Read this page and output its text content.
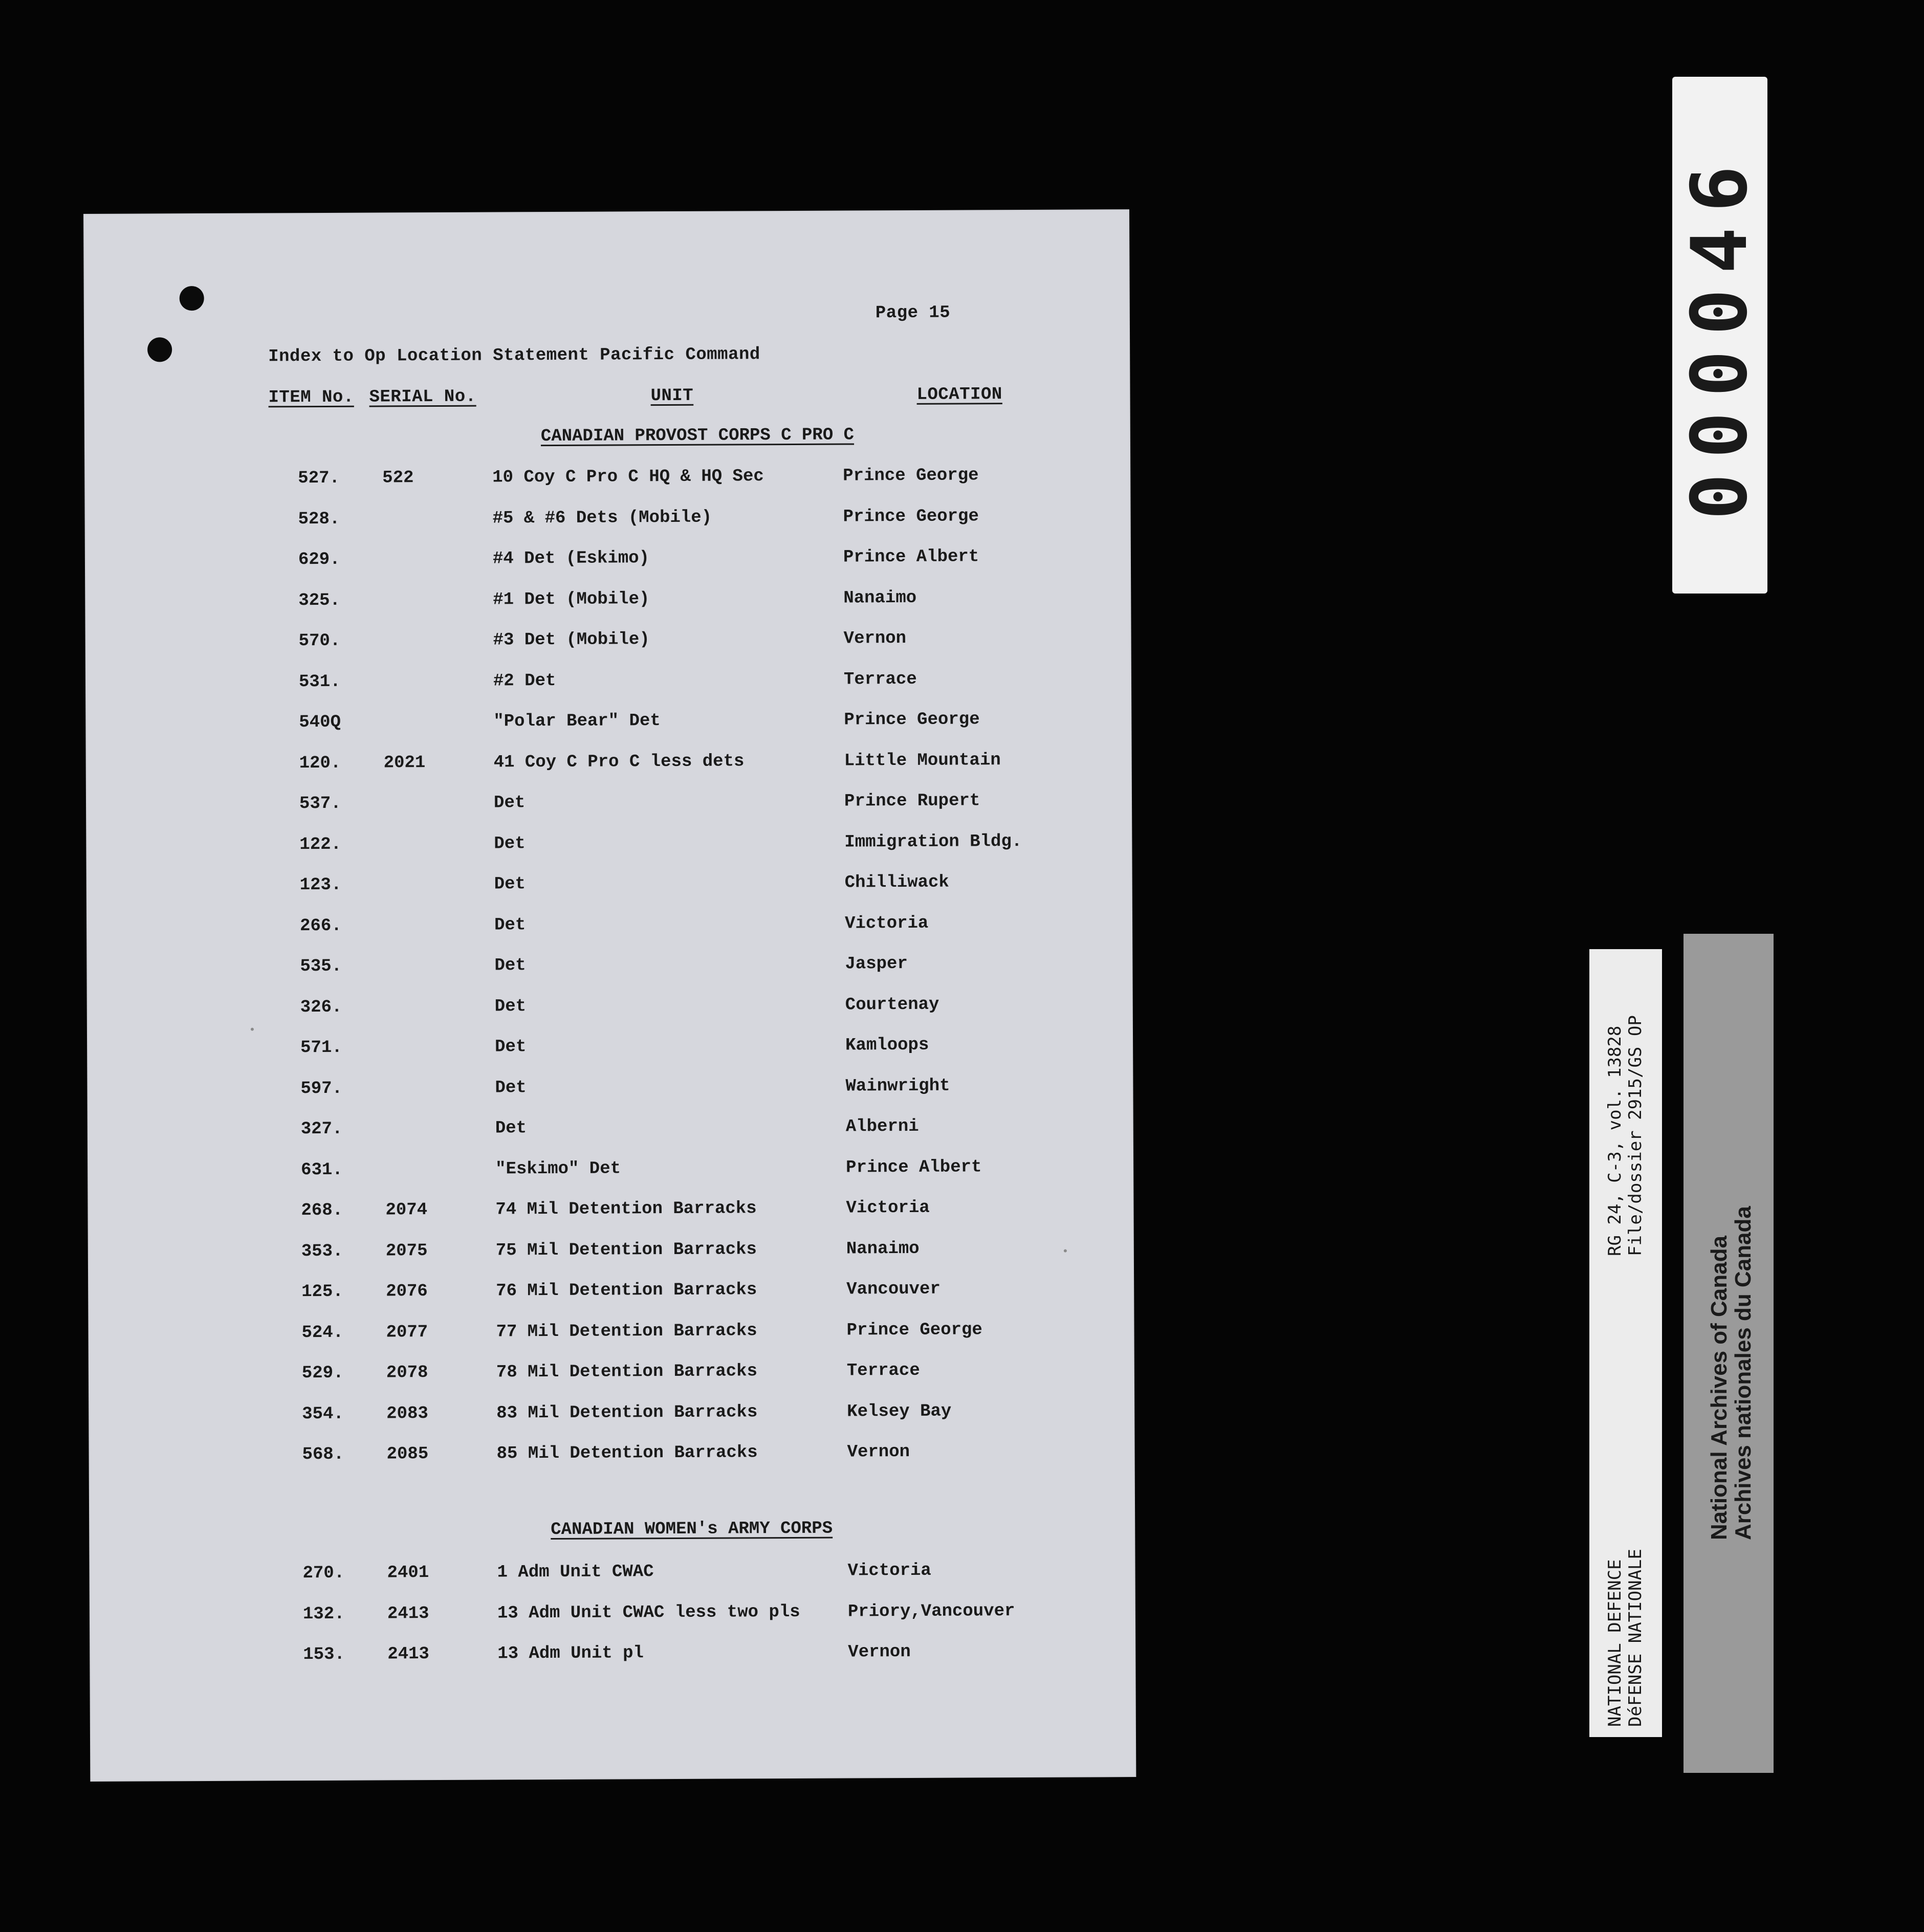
Page 15
Index to Op Location Statement Pacific Command
ITEM No. SERIAL No.	UNIT	LOCATION
CANADIAN PROVOST CORPS C PRO C
527. 522	10 Coy C Pro C HQ & HQ Sec	Prince George
528.	#5 & #6 Dets (Mobile)	Prince George
629.	#4 Det (Eskimo)	Prince Albert
325.	#1 Det (Mobile)	Nanaimo
570.	#3 Det (Mobile)	Vernon
531.	#2 Det	Terrace
540Q	"Polar Bear" Det	Prince George
120. 2021	41 Coy C Pro C less dets	Little Mountain
537.	Det	Prince Rupert
122.	Det	Immigration Bldg.
123.	Det	Chilliwack
266.	Det	Victoria
535.	Det	Jasper
326.	Det	Courtenay
571.	Det	Kamloops
597.	Det	Wainwright
327.	Det	Alberni
631.	"Eskimo" Det	Prince Albert
268. 2074	74 Mil Detention Barracks	Victoria
353. 2075	75 Mil Detention Barracks	Nanaimo
125. 2076	76 Mil Detention Barracks	Vancouver
524. 2077	77 Mil Detention Barracks	Prince George
529. 2078	78 Mil Detention Barracks	Terrace
354. 2083	83 Mil Detention Barracks	Kelsey Bay
568. 2085	85 Mil Detention Barracks	Vernon
CANADIAN WOMEN's ARMY CORPS
270. 2401	1 Adm Unit CWAC	Victoria
132. 2413	13 Adm Unit CWAC less two pls	Priory,Vancouver
153. 2413	13 Adm Unit pl	Vernon
000046
RG 24, C-3, vol. 13828 File/dossier 2915/GS OP
NATIONAL DEFENCE DéFENSE NATIONALE
National Archives of Canada
Archives nationales du Canada
